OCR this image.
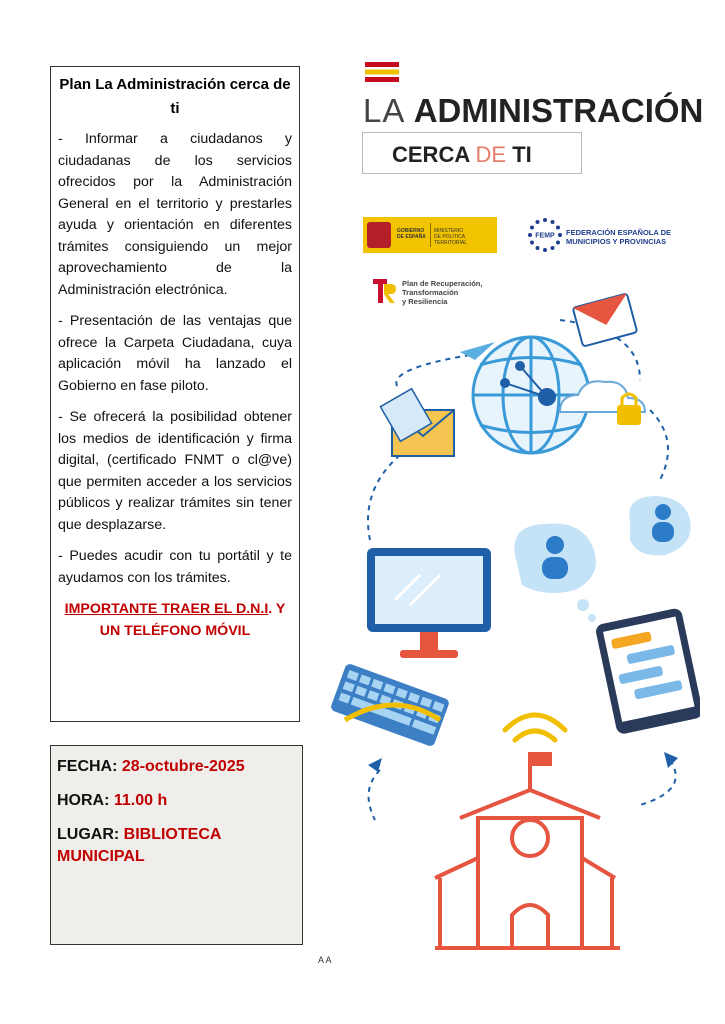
Plan La Administración cerca de ti

- Informar a ciudadanos y ciudadanas de los servicios ofrecidos por la Administración General en el territorio y prestarles ayuda y orientación en diferentes trámites consiguiendo un mejor aprovechamiento de la Administración electrónica.

- Presentación de las ventajas que ofrece la Carpeta Ciudadana, cuya aplicación móvil ha lanzado el Gobierno en fase piloto.

- Se ofrecerá la posibilidad obtener los medios de identificación y firma digital, (certificado FNMT o cl@ve) que permiten acceder a los servicios públicos y realizar trámites sin tener que desplazarse.

- Puedes acudir con tu portátil y te ayudamos con los trámites.

IMPORTANTE TRAER EL D.N.I. Y UN TELÉFONO MÓVIL

FECHA: 28-octubre-2025
HORA: 11.00 h
LUGAR: BIBLIOTECA MUNICIPAL
A A
LA ADMINISTRACIÓN
CERCA DE TI
GOBIERNO
DE ESPAÑA
MINISTERIO
DE POLÍTICA TERRITORIAL
FEMP FEDERACIÓN ESPAÑOLA DE
MUNICIPIOS Y PROVINCIAS
Plan de Recuperación,
Transformación
y Resiliencia
